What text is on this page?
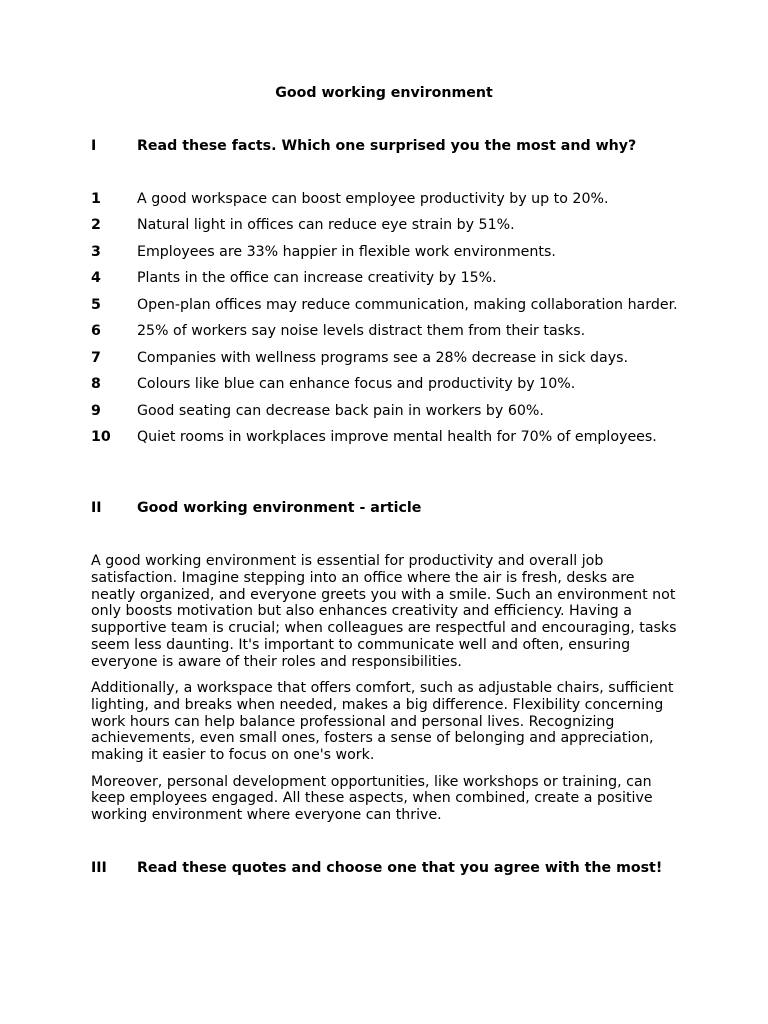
Good working environment
I	Read these facts. Which one surprised you the most and why?
1	A good workspace can boost employee productivity by up to 20%.
2	Natural light in offices can reduce eye strain by 51%.
3	Employees are 33% happier in flexible work environments.
4	Plants in the office can increase creativity by 15%.
5	Open-plan offices may reduce communication, making collaboration harder.
6	25% of workers say noise levels distract them from their tasks.
7	Companies with wellness programs see a 28% decrease in sick days.
8	Colours like blue can enhance focus and productivity by 10%.
9	Good seating can decrease back pain in workers by 60%.
10 Quiet rooms in workplaces improve mental health for 70% of employees.
II Good working environment - article

A good working environment is essential for productivity and overall job satisfaction. Imagine stepping into an office where the air is fresh, desks are neatly organized, and everyone greets you with a smile. Such an environment not only boosts motivation but also enhances creativity and efficiency. Having a supportive team is crucial; when colleagues are respectful and encouraging, tasks seem less daunting. It's important to communicate well and often, ensuring everyone is aware of their roles and responsibilities.

Additionally, a workspace that offers comfort, such as adjustable chairs, sufficient lighting, and breaks when needed, makes a big difference. Flexibility concerning work hours can help balance professional and personal lives. Recognizing achievements, even small ones, fosters a sense of belonging and appreciation, making it easier to focus on one's work.

Moreover, personal development opportunities, like workshops or training, can keep employees engaged. All these aspects, when combined, create a positive working environment where everyone can thrive.

III Read these quotes and choose one that you agree with the most!
